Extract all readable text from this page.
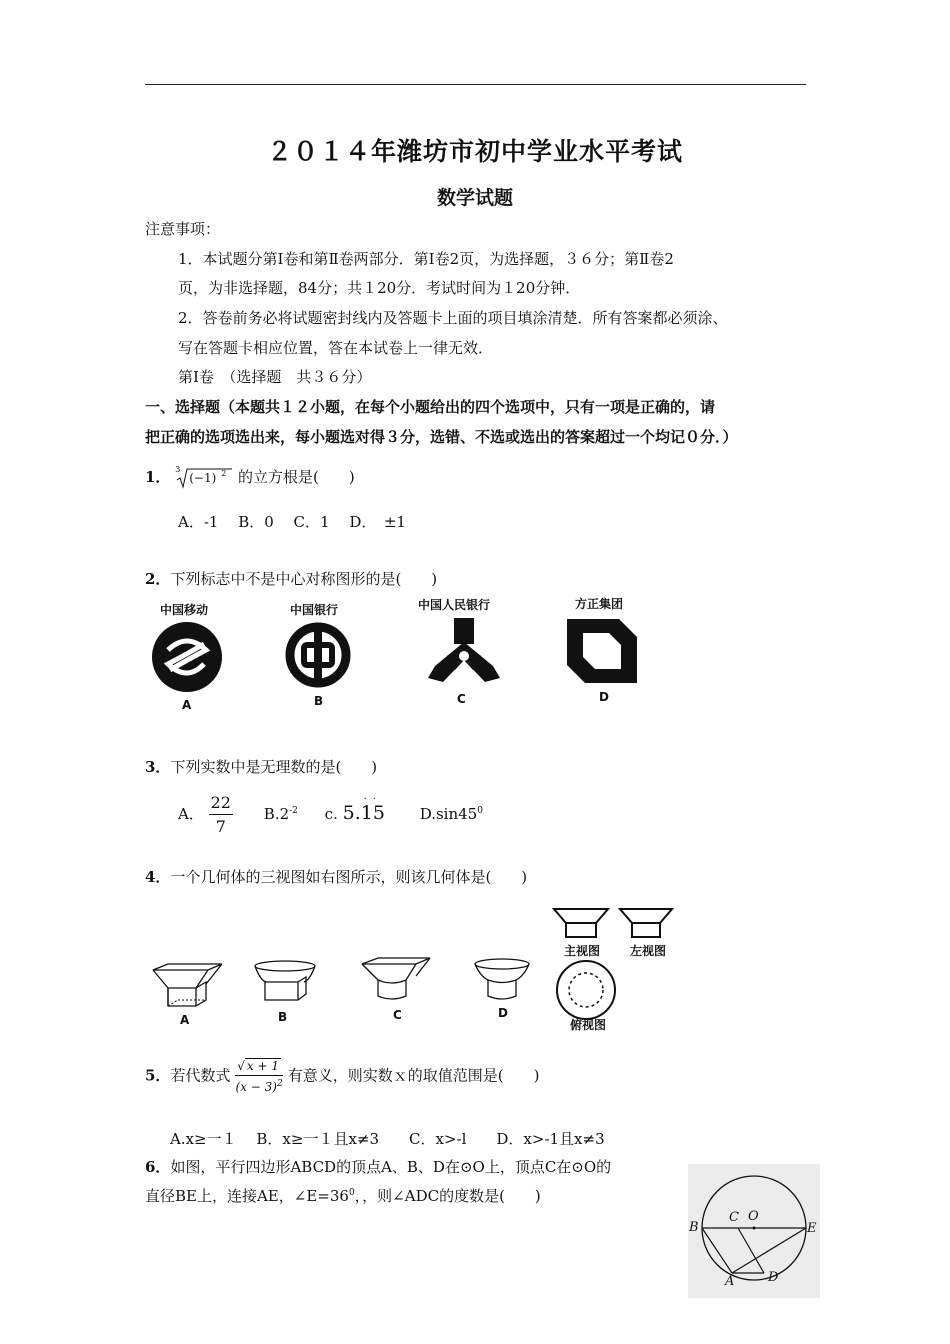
２０１４年潍坊市初中学业水平考试
数学试题
注意事项：
1．本试题分第Ⅰ卷和第Ⅱ卷两部分．第Ⅰ卷2页，为选择题，３６分；第Ⅱ卷2
页，为非选择题，84分；共１20分．考试时间为１20分钟．
2．答卷前务必将试题密封线内及答题卡上面的项目填涂清楚．所有答案都必须涂、
写在答题卡相应位置，答在本试卷上一律无效．
第Ⅰ卷　（选择题　共３６分）
一、选择题（本题共１２小题，在每个小题给出的四个选项中，只有一项是正确的，请
把正确的选项选出来，每小题选对得３分，选错、不选或选出的答案超过一个均记０分．）
1． 3
(−1) 2 的立方根是(　　)
A．-1　 B．0　 C．1　 D．　±1
2．下列标志中不是中心对称图形的是(　　)
中国移动
A
中国银行
B
中国人民银行
C
方正集团
D
3．下列实数中是无理数的是(　　)
A． $\frac{22}{7} B.2^{-2}$ c. 5.15
··
$D.\sin 45^0$
4．一个几何体的三视图如右图所示，则该几何体是(　　)
A	B	C	D
主视图 左视图
俯视图
5．若代数式 $\frac{√ x + 1}{(x - 3)^2}$ 有意义，则实数ｘ的取值范围是(　　)
A.x≥一１　 B．x≥一１且x≠3　　C．x>-l　　D．x>-1且x≠3
6．如图，平行四边形ABCD的顶点A、B、D在⊙O上，顶点C在⊙O的
直径BE上，连接AE，$\angle E=36^0$，，则∠ADC的度数是(　　)
B
C O
E
A	D
